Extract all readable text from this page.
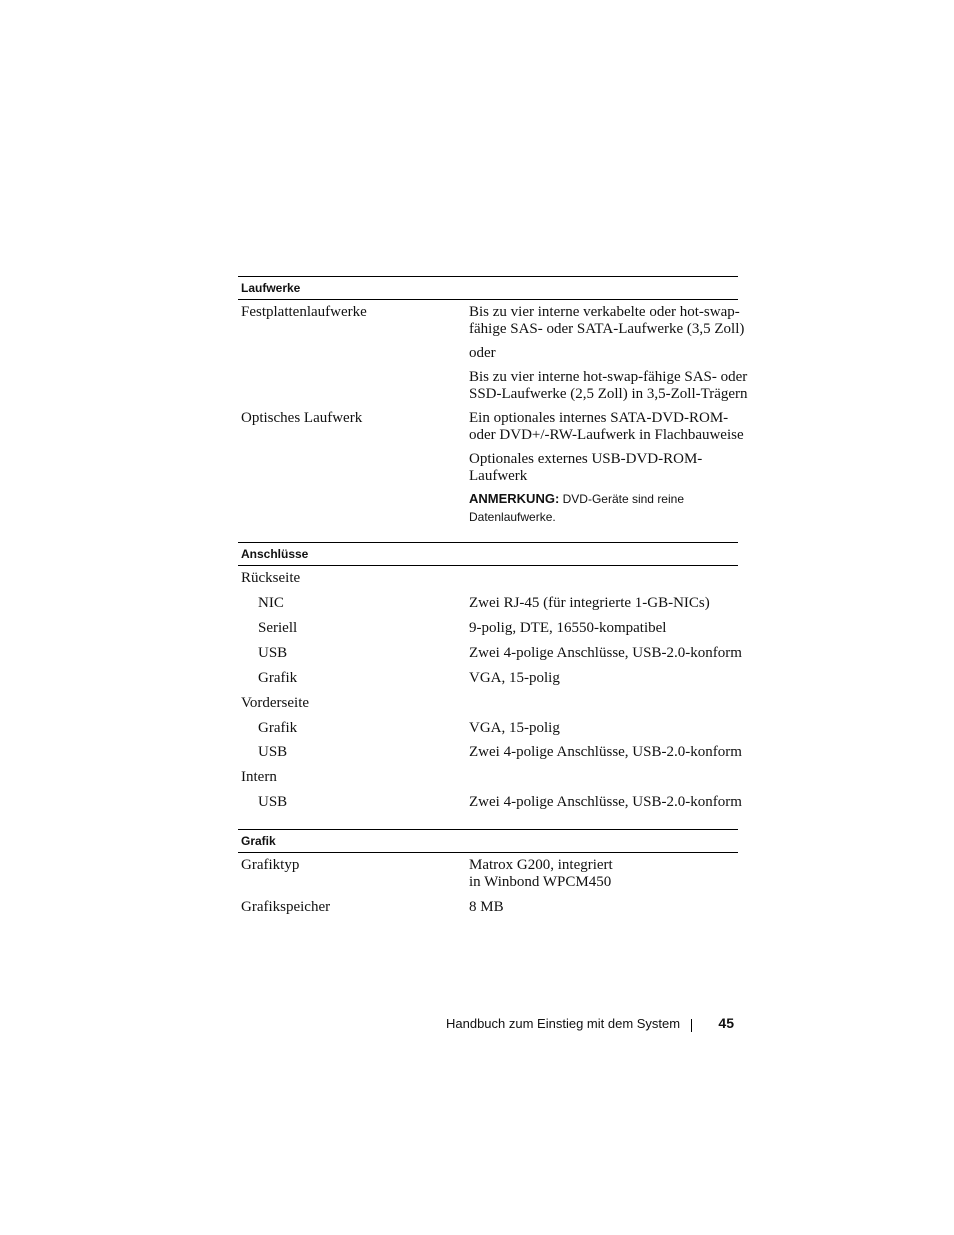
Laufwerke
Festplattenlaufwerke	Bis zu vier interne verkabelte oder hot-swap-
fähige SAS- oder SATA-Laufwerke (3,5 Zoll)
oder
Bis zu vier interne hot-swap-fähige SAS- oder
SSD-Laufwerke (2,5 Zoll) in 3,5-Zoll-Trägern
Optisches Laufwerk	Ein optionales internes SATA-DVD-ROM-
oder DVD+/-RW-Laufwerk in Flachbauweise
Optionales externes USB-DVD-ROM-
Laufwerk
ANMERKUNG: DVD-Geräte sind reine
Datenlaufwerke.
Anschlüsse
Rückseite
NIC	Zwei RJ-45 (für integrierte 1-GB-NICs)
Seriell	9-polig, DTE, 16550-kompatibel
USB	Zwei 4-polige Anschlüsse, USB-2.0-konform
Grafik	VGA, 15-polig
Vorderseite
Grafik	VGA, 15-polig
USB	Zwei 4-polige Anschlüsse, USB-2.0-konform
Intern
USB	Zwei 4-polige Anschlüsse, USB-2.0-konform
Grafik
Grafiktyp	Matrox G200, integriert
in Winbond WPCM450
Grafikspeicher	8 MB
Handbuch zum Einstieg mit dem System	45
